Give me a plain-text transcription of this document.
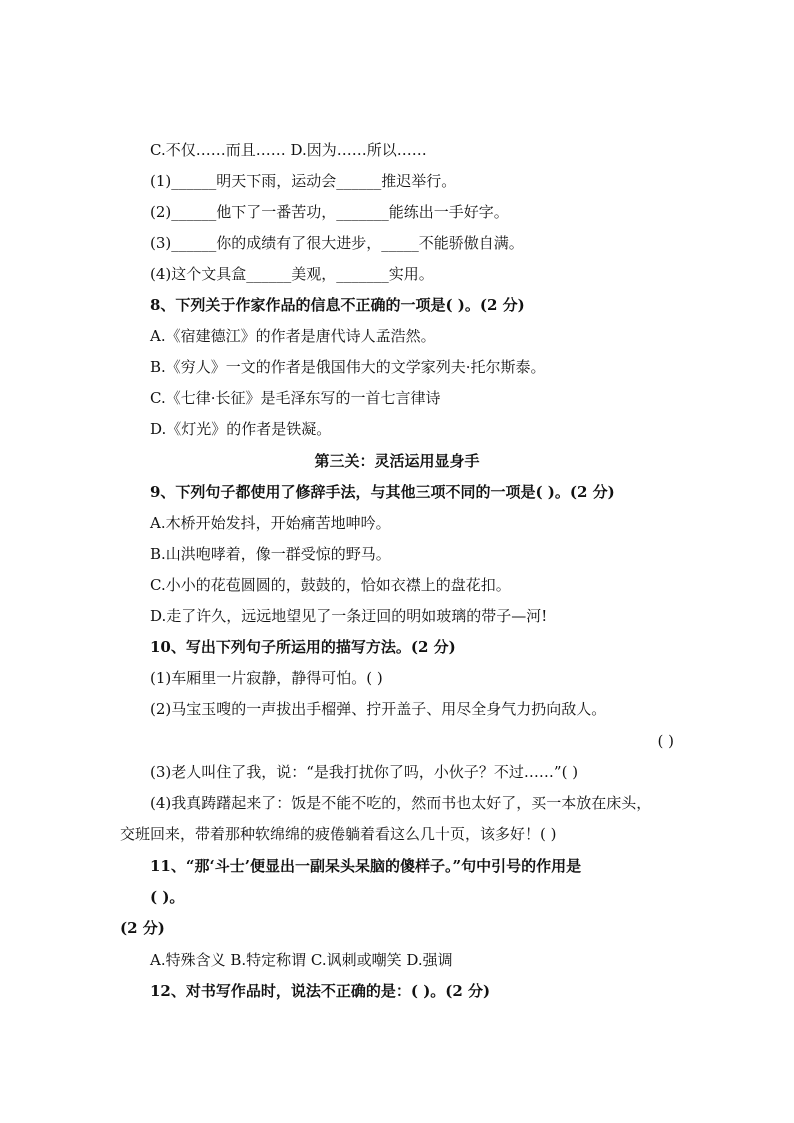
C.不仅……而且…… D.因为……所以……
(1)______明天下雨，运动会______推迟举行。
(2)______他下了一番苦功，_______能练出一手好字。
(3)______你的成绩有了很大进步，_____不能骄傲自满。
(4)这个文具盒______美观，_______实用。
8、下列关于作家作品的信息不正确的一项是( )。(2 分)
A.《宿建德江》的作者是唐代诗人孟浩然。
B.《穷人》一文的作者是俄国伟大的文学家列夫·托尔斯泰。
C.《七律·长征》是毛泽东写的一首七言律诗
D.《灯光》的作者是铁凝。
第三关：灵活运用显身手
9、下列句子都使用了修辞手法，与其他三项不同的一项是( )。(2 分)
A.木桥开始发抖，开始痛苦地呻吟。
B.山洪咆哮着，像一群受惊的野马。
C.小小的花苞圆圆的，鼓鼓的，恰如衣襟上的盘花扣。
D.走了许久，远远地望见了一条迂回的明如玻璃的带子—河!
10、写出下列句子所运用的描写方法。(2 分)
(1)车厢里一片寂静，静得可怕。( )
(2)马宝玉嗖的一声拔出手榴弹、拧开盖子、用尽全身气力扔向敌人。
( )
(3)老人叫住了我，说：“是我打扰你了吗，小伙子？不过……”( )
(4)我真踌躇起来了：饭是不能不吃的，然而书也太好了，买一本放在床头，
交班回来，带着那种软绵绵的疲倦躺着看这么几十页，该多好！( )
11、“那‘斗士’便显出一副呆头呆脑的傻样子。”句中引号的作用是
( )。
(2 分)
A.特殊含义 B.特定称谓 C.讽刺或嘲笑 D.强调
12、对书写作品时，说法不正确的是：( )。(2 分)
